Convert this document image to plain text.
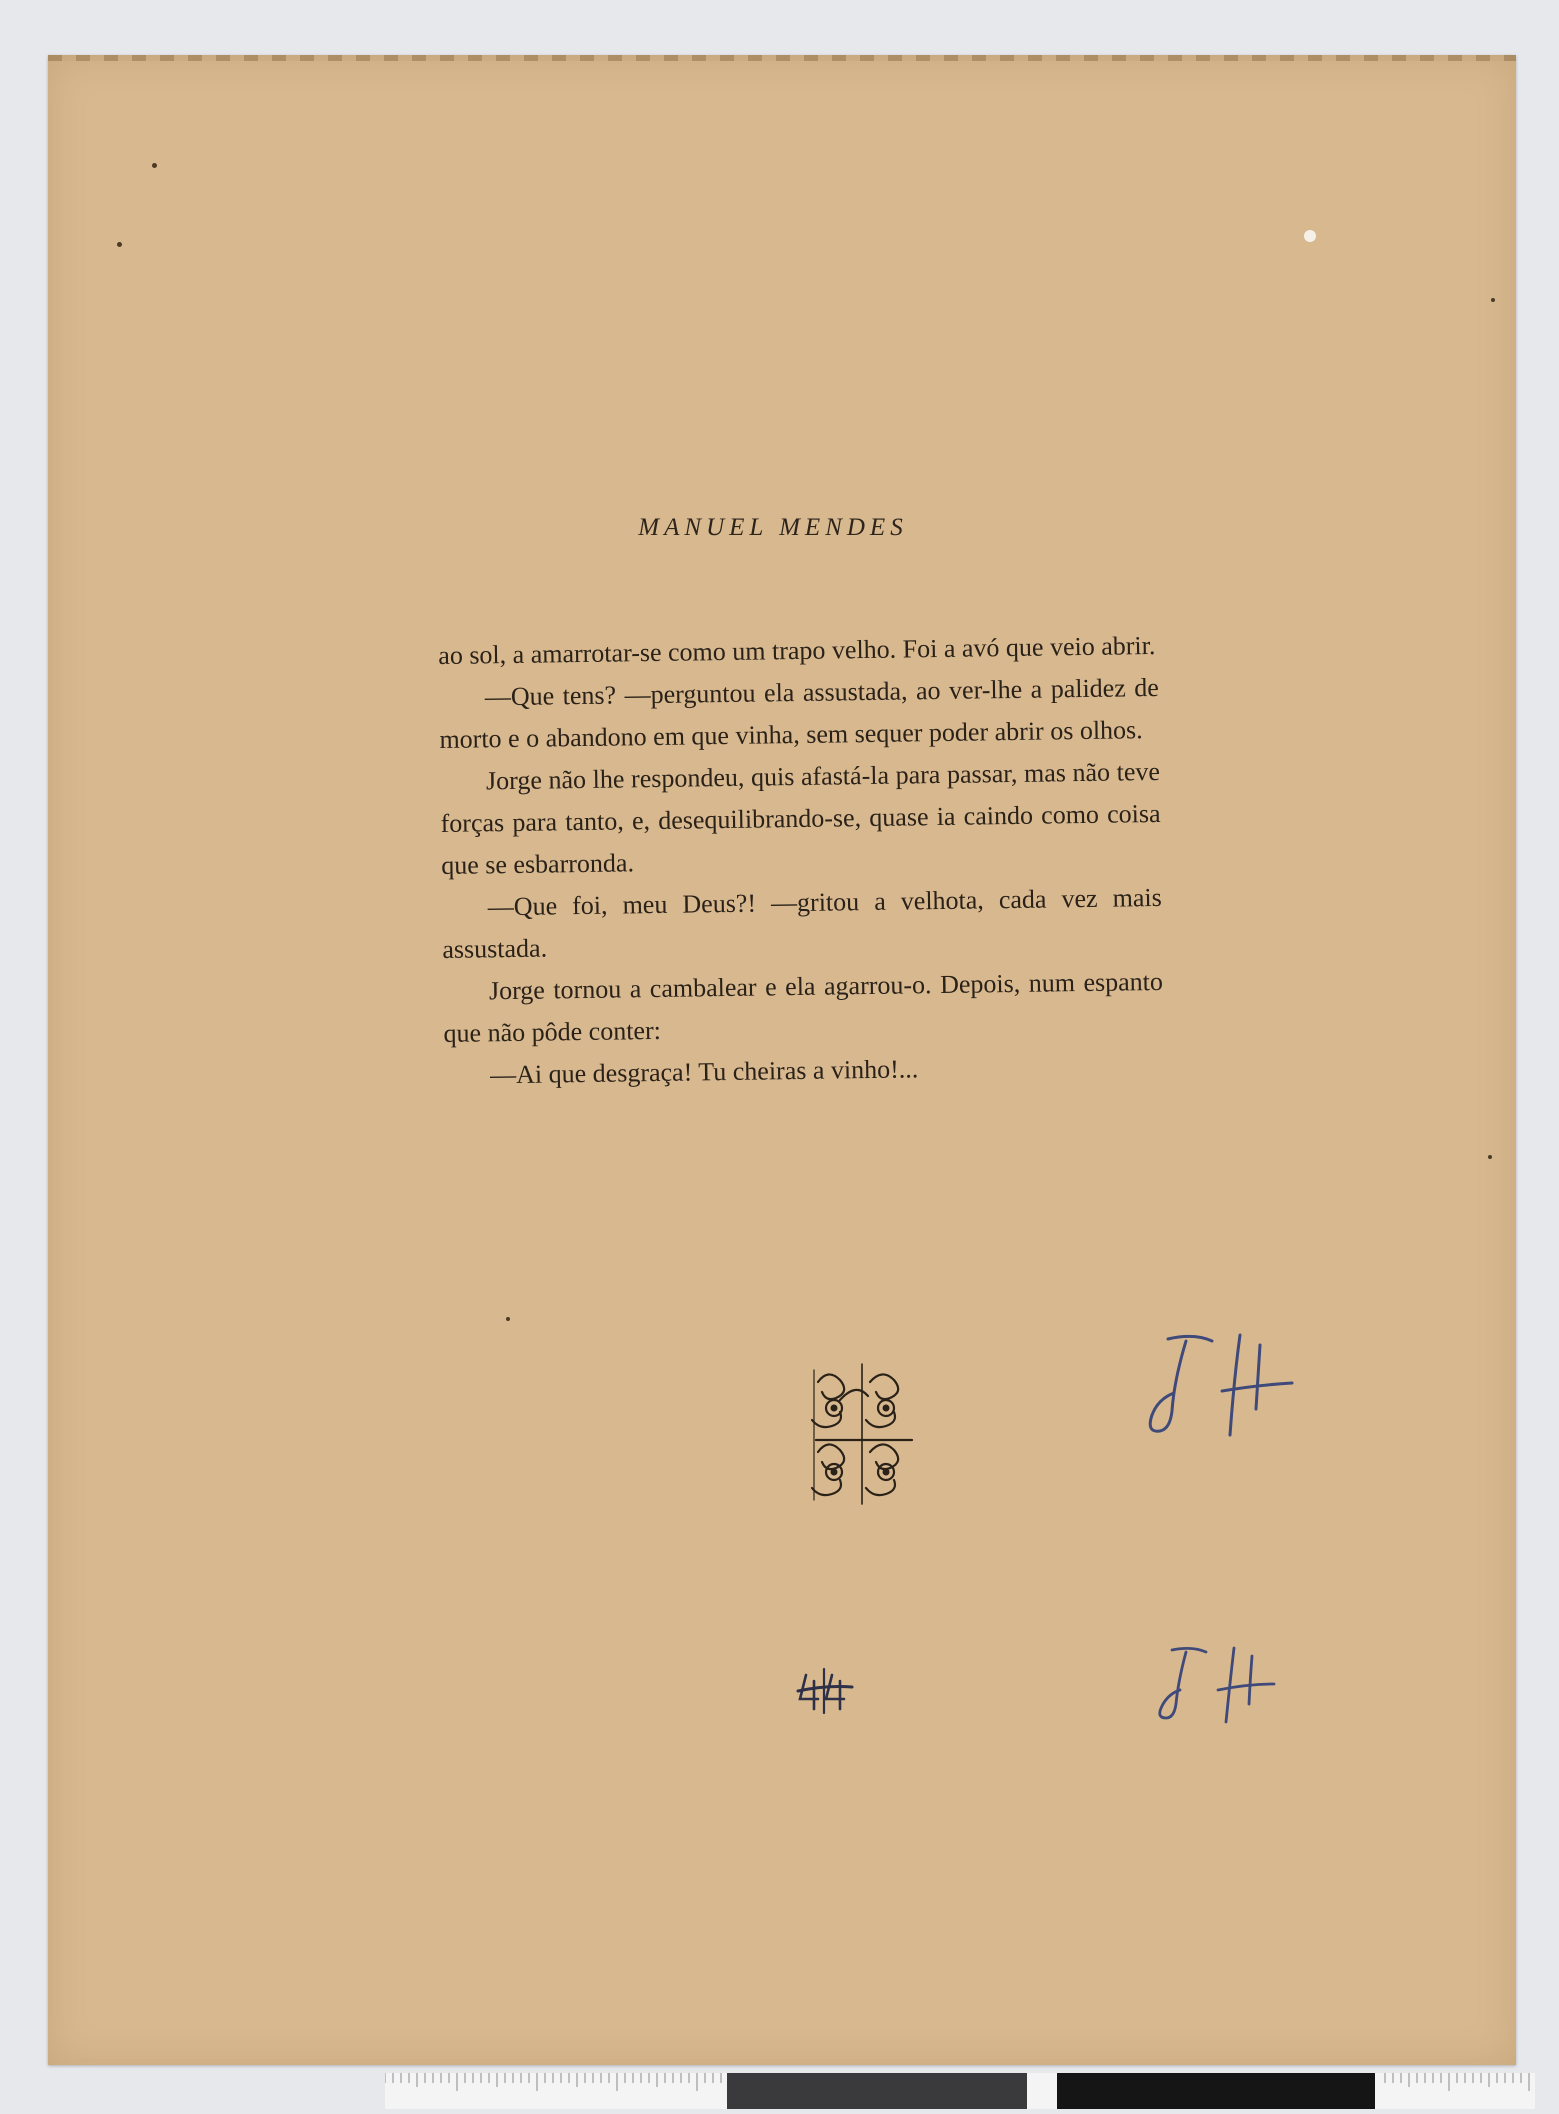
MANUEL MENDES

ao sol, a amarrotar-se como um trapo velho. Foi a avó que veio abrir.

—Que tens? —perguntou ela assustada, ao ver-lhe a palidez de morto e o abandono em que vinha, sem sequer poder abrir os olhos.

Jorge não lhe respondeu, quis afastá-la para passar, mas não teve forças para tanto, e, desequilibrando-se, quase ia caindo como coisa que se esbarronda.

—Que foi, meu Deus?! —gritou a velhota, cada vez mais assustada.

Jorge tornou a cambalear e ela agarrou-o. Depois, num espanto que não pôde conter:

—Ai que desgraça! Tu cheiras a vinho!...
